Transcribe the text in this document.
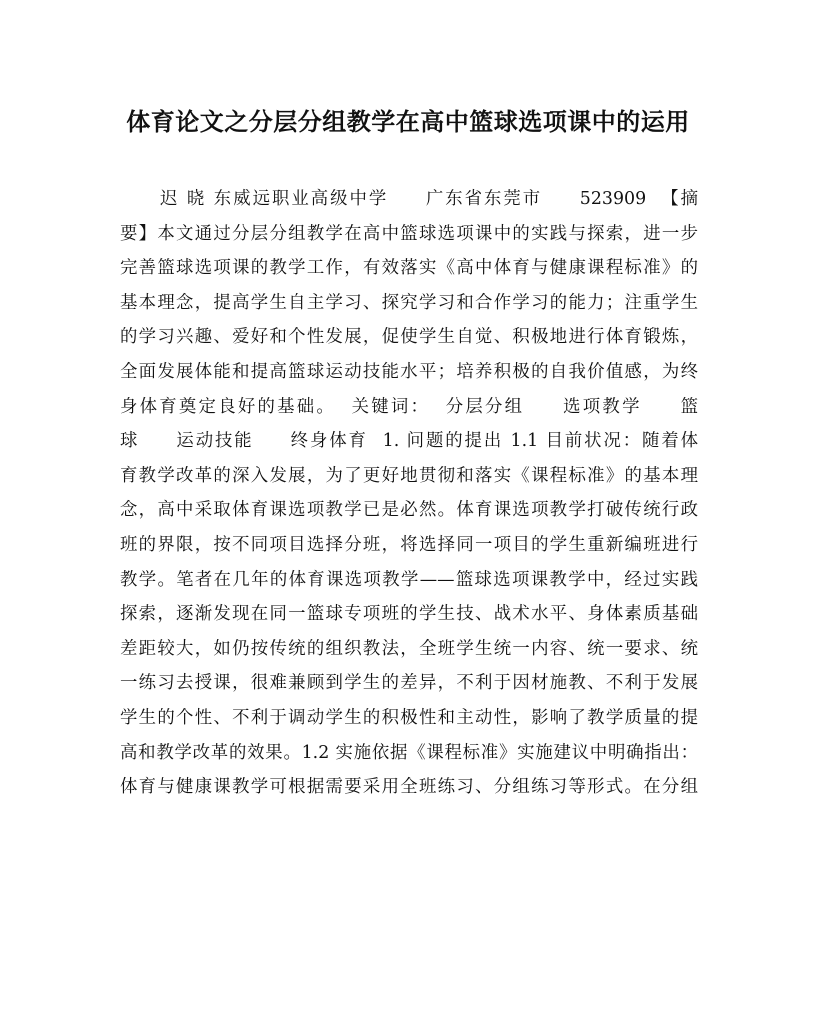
体育论文之分层分组教学在高中篮球选项课中的运用
迟 晓 东威远职业高级中学     广东省东莞市     523909  【摘
要】本文通过分层分组教学在高中篮球选项课中的实践与探索，进一步
完善篮球选项课的教学工作，有效落实《高中体育与健康课程标准》的
基本理念，提高学生自主学习、探究学习和合作学习的能力；注重学生
的学习兴趣、爱好和个性发展，促使学生自觉、积极地进行体育锻炼，
全面发展体能和提高篮球运动技能水平；培养积极的自我价值感，为终
身体育奠定良好的基础。  关键词：  分层分组     选项教学     篮
球     运动技能     终身体育  1. 问题的提出 1.1 目前状况：随着体
育教学改革的深入发展，为了更好地贯彻和落实《课程标准》的基本理
念，高中采取体育课选项教学已是必然。体育课选项教学打破传统行政
班的界限，按不同项目选择分班，将选择同一项目的学生重新编班进行
教学。笔者在几年的体育课选项教学——篮球选项课教学中，经过实践
探索，逐渐发现在同一篮球专项班的学生技、战术水平、身体素质基础
差距较大，如仍按传统的组织教法，全班学生统一内容、统一要求、统
一练习去授课，很难兼顾到学生的差异，不利于因材施教、不利于发展
学生的个性、不利于调动学生的积极性和主动性，影响了教学质量的提
高和教学改革的效果。1.2 实施依据《课程标准》实施建议中明确指出：
体育与健康课教学可根据需要采用全班练习、分组练习等形式。在分组
